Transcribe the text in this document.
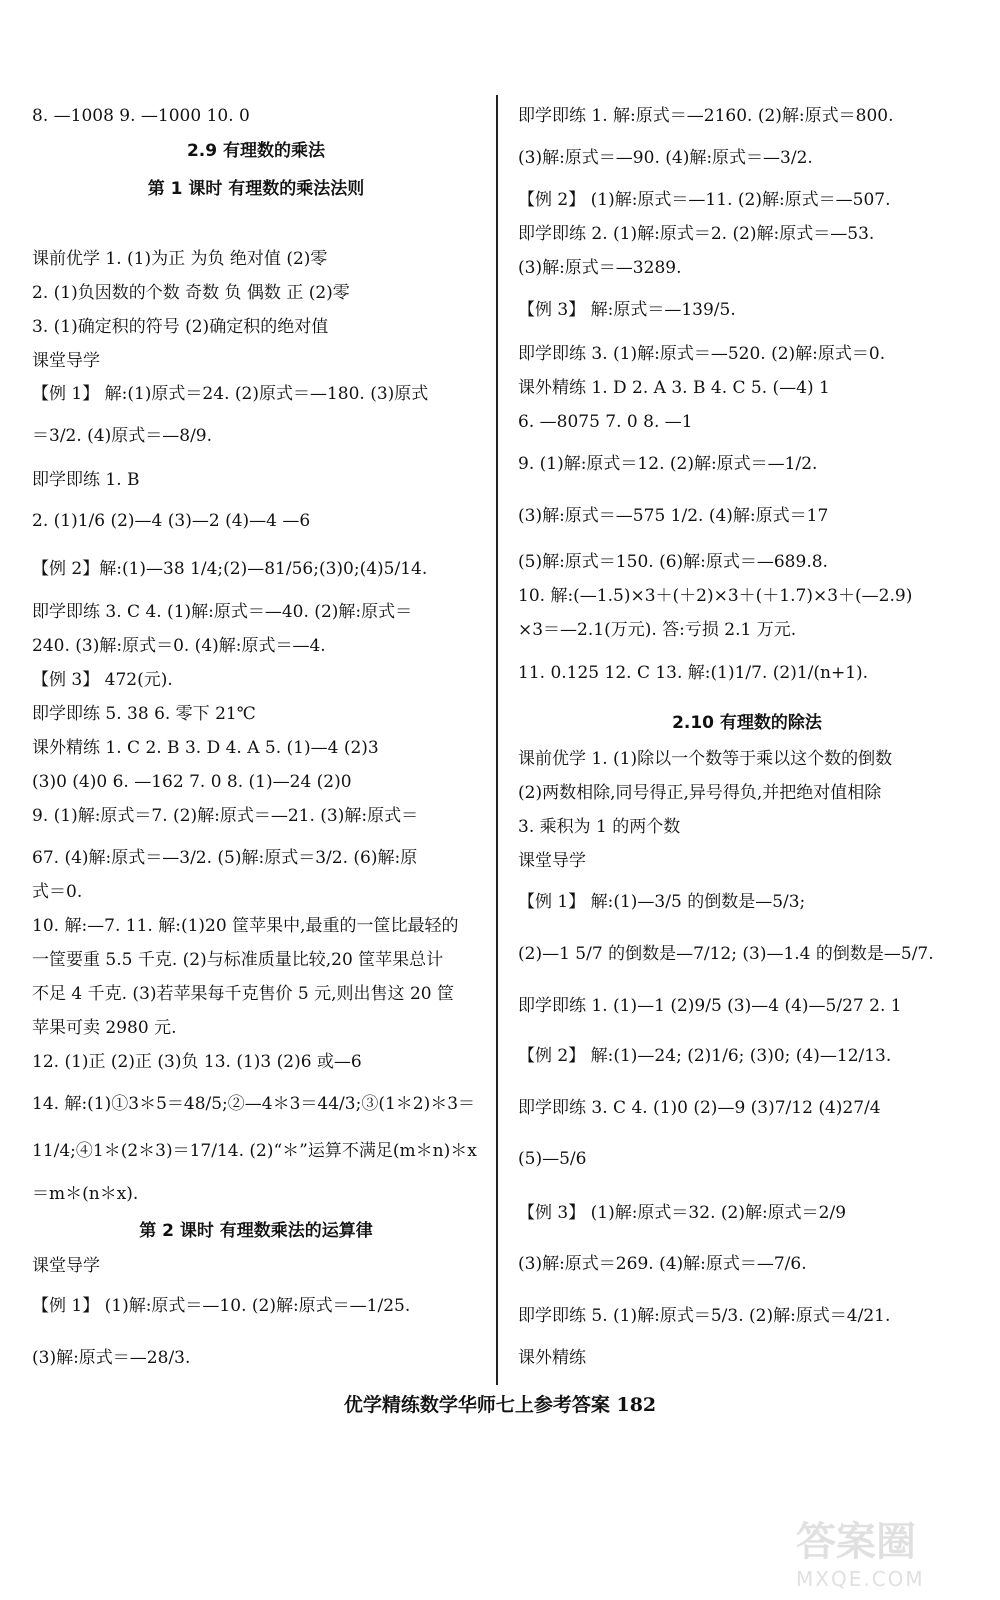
8. —1008 9. —1000 10. 0
2.9 有理数的乘法
第 1 课时 有理数的乘法法则
课前优学 1. (1)为正 为负 绝对值 (2)零
2. (1)负因数的个数 奇数 负 偶数 正 (2)零
3. (1)确定积的符号 (2)确定积的绝对值
课堂导学
【例 1】 解:(1)原式＝24. (2)原式＝—180. (3)原式
＝3/2. (4)原式＝—8/9.
即学即练 1. B
2. (1)1/6 (2)—4 (3)—2 (4)—4 —6
【例 2】解:(1)—38 1/4;(2)—81/56;(3)0;(4)5/14.
即学即练 3. C 4. (1)解:原式＝—40. (2)解:原式＝
240. (3)解:原式＝0. (4)解:原式＝—4.
【例 3】 472(元).
即学即练 5. 38 6. 零下 21℃
课外精练 1. C 2. B 3. D 4. A 5. (1)—4 (2)3
(3)0 (4)0 6. —162 7. 0 8. (1)—24 (2)0
9. (1)解:原式＝7. (2)解:原式＝—21. (3)解:原式＝
67. (4)解:原式＝—3/2. (5)解:原式＝3/2. (6)解:原
式＝0.
10. 解:—7. 11. 解:(1)20 筐苹果中,最重的一筐比最轻的
一筐要重 5.5 千克. (2)与标准质量比较,20 筐苹果总计
不足 4 千克. (3)若苹果每千克售价 5 元,则出售这 20 筐
苹果可卖 2980 元.
12. (1)正 (2)正 (3)负 13. (1)3 (2)6 或—6
14. 解:(1)①3＊5＝48/5;②—4＊3＝44/3;③(1＊2)＊3＝
11/4;④1＊(2＊3)＝17/14. (2)“＊”运算不满足(m＊n)＊x
＝m＊(n＊x).
第 2 课时 有理数乘法的运算律
课堂导学
【例 1】 (1)解:原式＝—10. (2)解:原式＝—1/25.
(3)解:原式＝—28/3.
即学即练 1. 解:原式＝—2160. (2)解:原式＝800.
(3)解:原式＝—90. (4)解:原式＝—3/2.
【例 2】 (1)解:原式＝—11. (2)解:原式＝—507.
即学即练 2. (1)解:原式＝2. (2)解:原式＝—53.
(3)解:原式＝—3289.
【例 3】 解:原式＝—139/5.
即学即练 3. (1)解:原式＝—520. (2)解:原式＝0.
课外精练 1. D 2. A 3. B 4. C 5. (—4) 1
6. —8075 7. 0 8. —1
9. (1)解:原式＝12. (2)解:原式＝—1/2.
(3)解:原式＝—575 1/2. (4)解:原式＝17
(5)解:原式＝150. (6)解:原式＝—689.8.
10. 解:(—1.5)×3＋(＋2)×3＋(＋1.7)×3＋(—2.9)
×3＝—2.1(万元). 答:亏损 2.1 万元.
11. 0.125 12. C 13. 解:(1)1/7. (2)1/(n+1).
2.10 有理数的除法
课前优学 1. (1)除以一个数等于乘以这个数的倒数
(2)两数相除,同号得正,异号得负,并把绝对值相除
3. 乘积为 1 的两个数
课堂导学
【例 1】 解:(1)—3/5 的倒数是—5/3;
(2)—1 5/7 的倒数是—7/12; (3)—1.4 的倒数是—5/7.
即学即练 1. (1)—1 (2)9/5 (3)—4 (4)—5/27 2. 1
【例 2】 解:(1)—24; (2)1/6; (3)0; (4)—12/13.
即学即练 3. C 4. (1)0 (2)—9 (3)7/12 (4)27/4
(5)—5/6
【例 3】 (1)解:原式＝32. (2)解:原式＝2/9
(3)解:原式＝269. (4)解:原式＝—7/6.
即学即练 5. (1)解:原式＝5/3. (2)解:原式＝4/21.
课外精练
优学精练数学华师七上参考答案 182
答案圈
MXQE.COM
